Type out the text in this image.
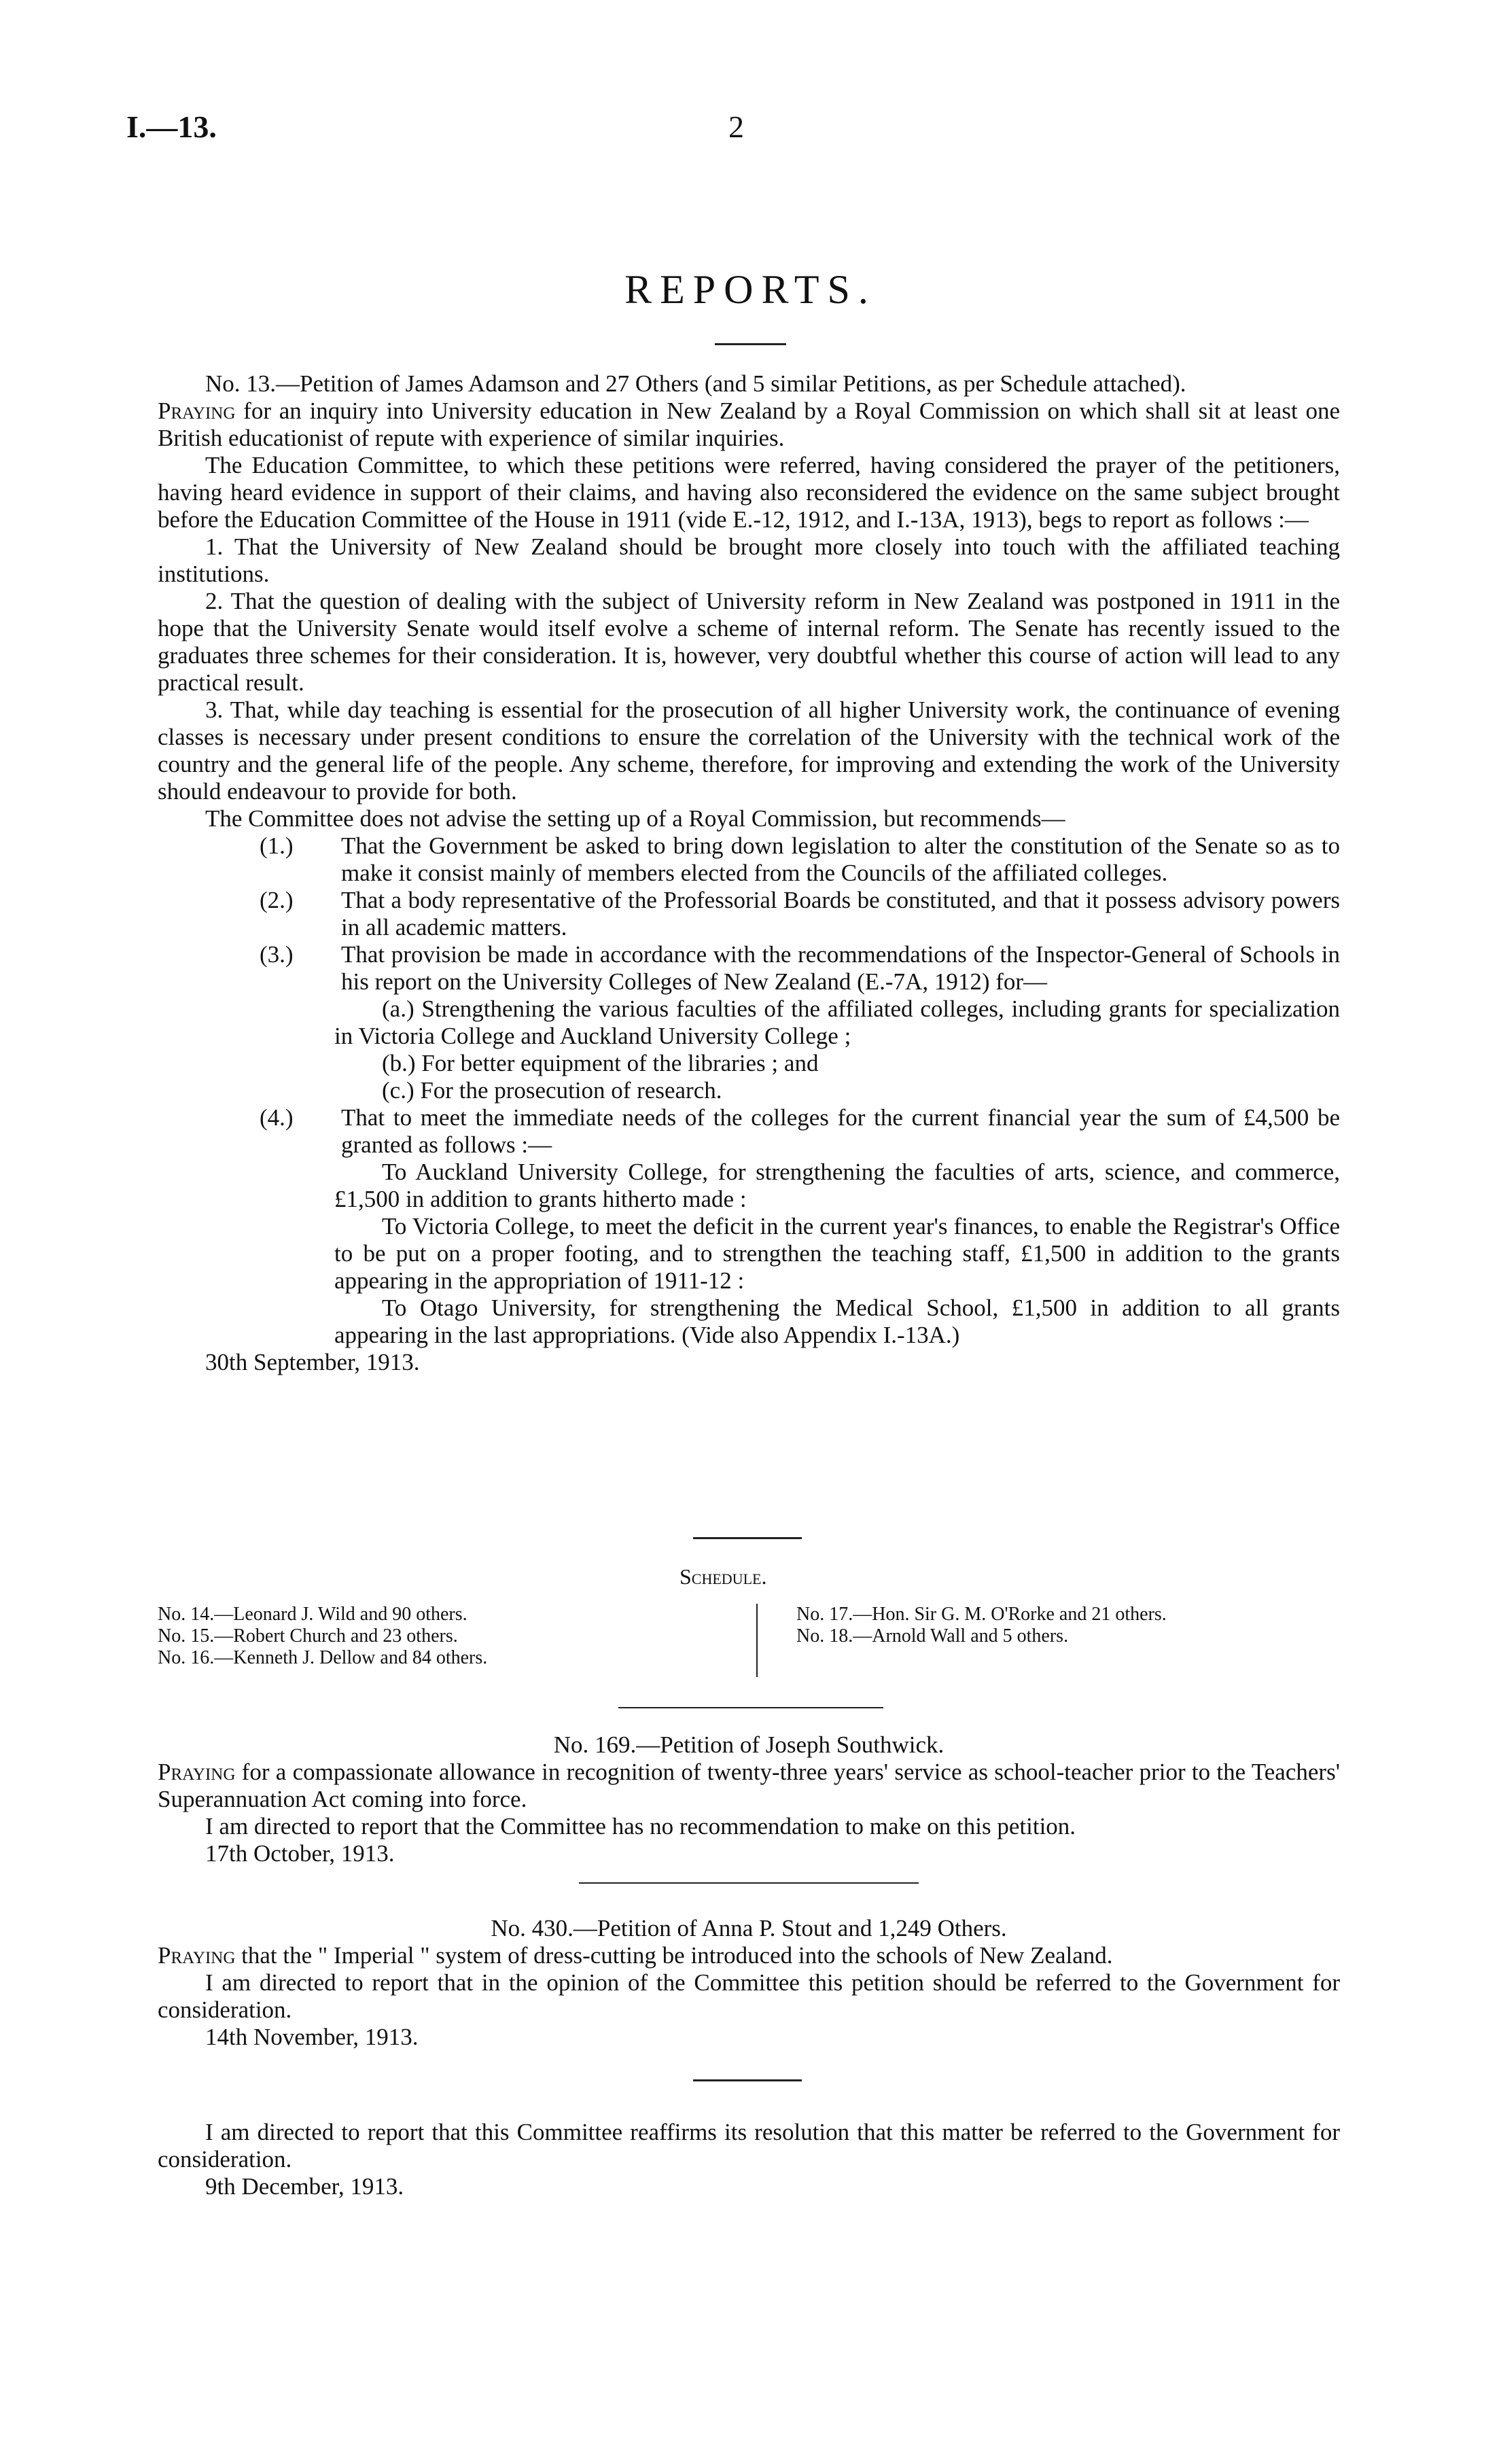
I.—13.	2
REPORTS.

No. 13.—Petition of James Adamson and 27 Others (and 5 similar Petitions, as per Schedule attached).

Praying for an inquiry into University education in New Zealand by a Royal Commission on which shall sit at least one British educationist of repute with experience of similar inquiries.

The Education Committee, to which these petitions were referred, having considered the prayer of the petitioners, having heard evidence in support of their claims, and having also reconsidered the evidence on the same subject brought before the Education Committee of the House in 1911 (vide E.-12, 1912, and I.-13A, 1913), begs to report as follows :—

1. That the University of New Zealand should be brought more closely into touch with the affiliated teaching institutions.

2. That the question of dealing with the subject of University reform in New Zealand was postponed in 1911 in the hope that the University Senate would itself evolve a scheme of internal reform. The Senate has recently issued to the graduates three schemes for their consideration. It is, however, very doubtful whether this course of action will lead to any practical result.

3. That, while day teaching is essential for the prosecution of all higher University work, the continuance of evening classes is necessary under present conditions to ensure the correlation of the University with the technical work of the country and the general life of the people. Any scheme, therefore, for improving and extending the work of the University should endeavour to provide for both.

The Committee does not advise the setting up of a Royal Commission, but recommends—

(1.)	That the Government be asked to bring down legislation to alter the constitution of the Senate so as to make it consist mainly of members elected from the Councils of the affiliated colleges.
(2.)	That a body representative of the Professorial Boards be constituted, and that it possess advisory powers in all academic matters.
(3.)	That provision be made in accordance with the recommendations of the Inspector-General of Schools in his report on the University Colleges of New Zealand (E.-7A, 1912) for—

(a.) Strengthening the various faculties of the affiliated colleges, including grants for specialization in Victoria College and Auckland University College ;

(b.) For better equipment of the libraries ; and

(c.) For the prosecution of research.

(4.)	That to meet the immediate needs of the colleges for the current financial year the sum of £4,500 be granted as follows :—

To Auckland University College, for strengthening the faculties of arts, science, and commerce, £1,500 in addition to grants hitherto made :

To Victoria College, to meet the deficit in the current year's finances, to enable the Registrar's Office to be put on a proper footing, and to strengthen the teaching staff, £1,500 in addition to the grants appearing in the appropriation of 1911-12 :

To Otago University, for strengthening the Medical School, £1,500 in addition to all grants appearing in the last appropriations. (Vide also Appendix I.-13A.)

30th September, 1913.

Schedule.
No. 14.—Leonard J. Wild and 90 others.
No. 15.—Robert Church and 23 others.
No. 16.—Kenneth J. Dellow and 84 others.
No. 17.—Hon. Sir G. M. O'Rorke and 21 others.
No. 18.—Arnold Wall and 5 others.

No. 169.—Petition of Joseph Southwick.

Praying for a compassionate allowance in recognition of twenty-three years' service as school-teacher prior to the Teachers' Superannuation Act coming into force.

I am directed to report that the Committee has no recommendation to make on this petition.

17th October, 1913.

No. 430.—Petition of Anna P. Stout and 1,249 Others.

Praying that the " Imperial " system of dress-cutting be introduced into the schools of New Zealand.

I am directed to report that in the opinion of the Committee this petition should be referred to the Government for consideration.

14th November, 1913.

I am directed to report that this Committee reaffirms its resolution that this matter be referred to the Government for consideration.

9th December, 1913.
